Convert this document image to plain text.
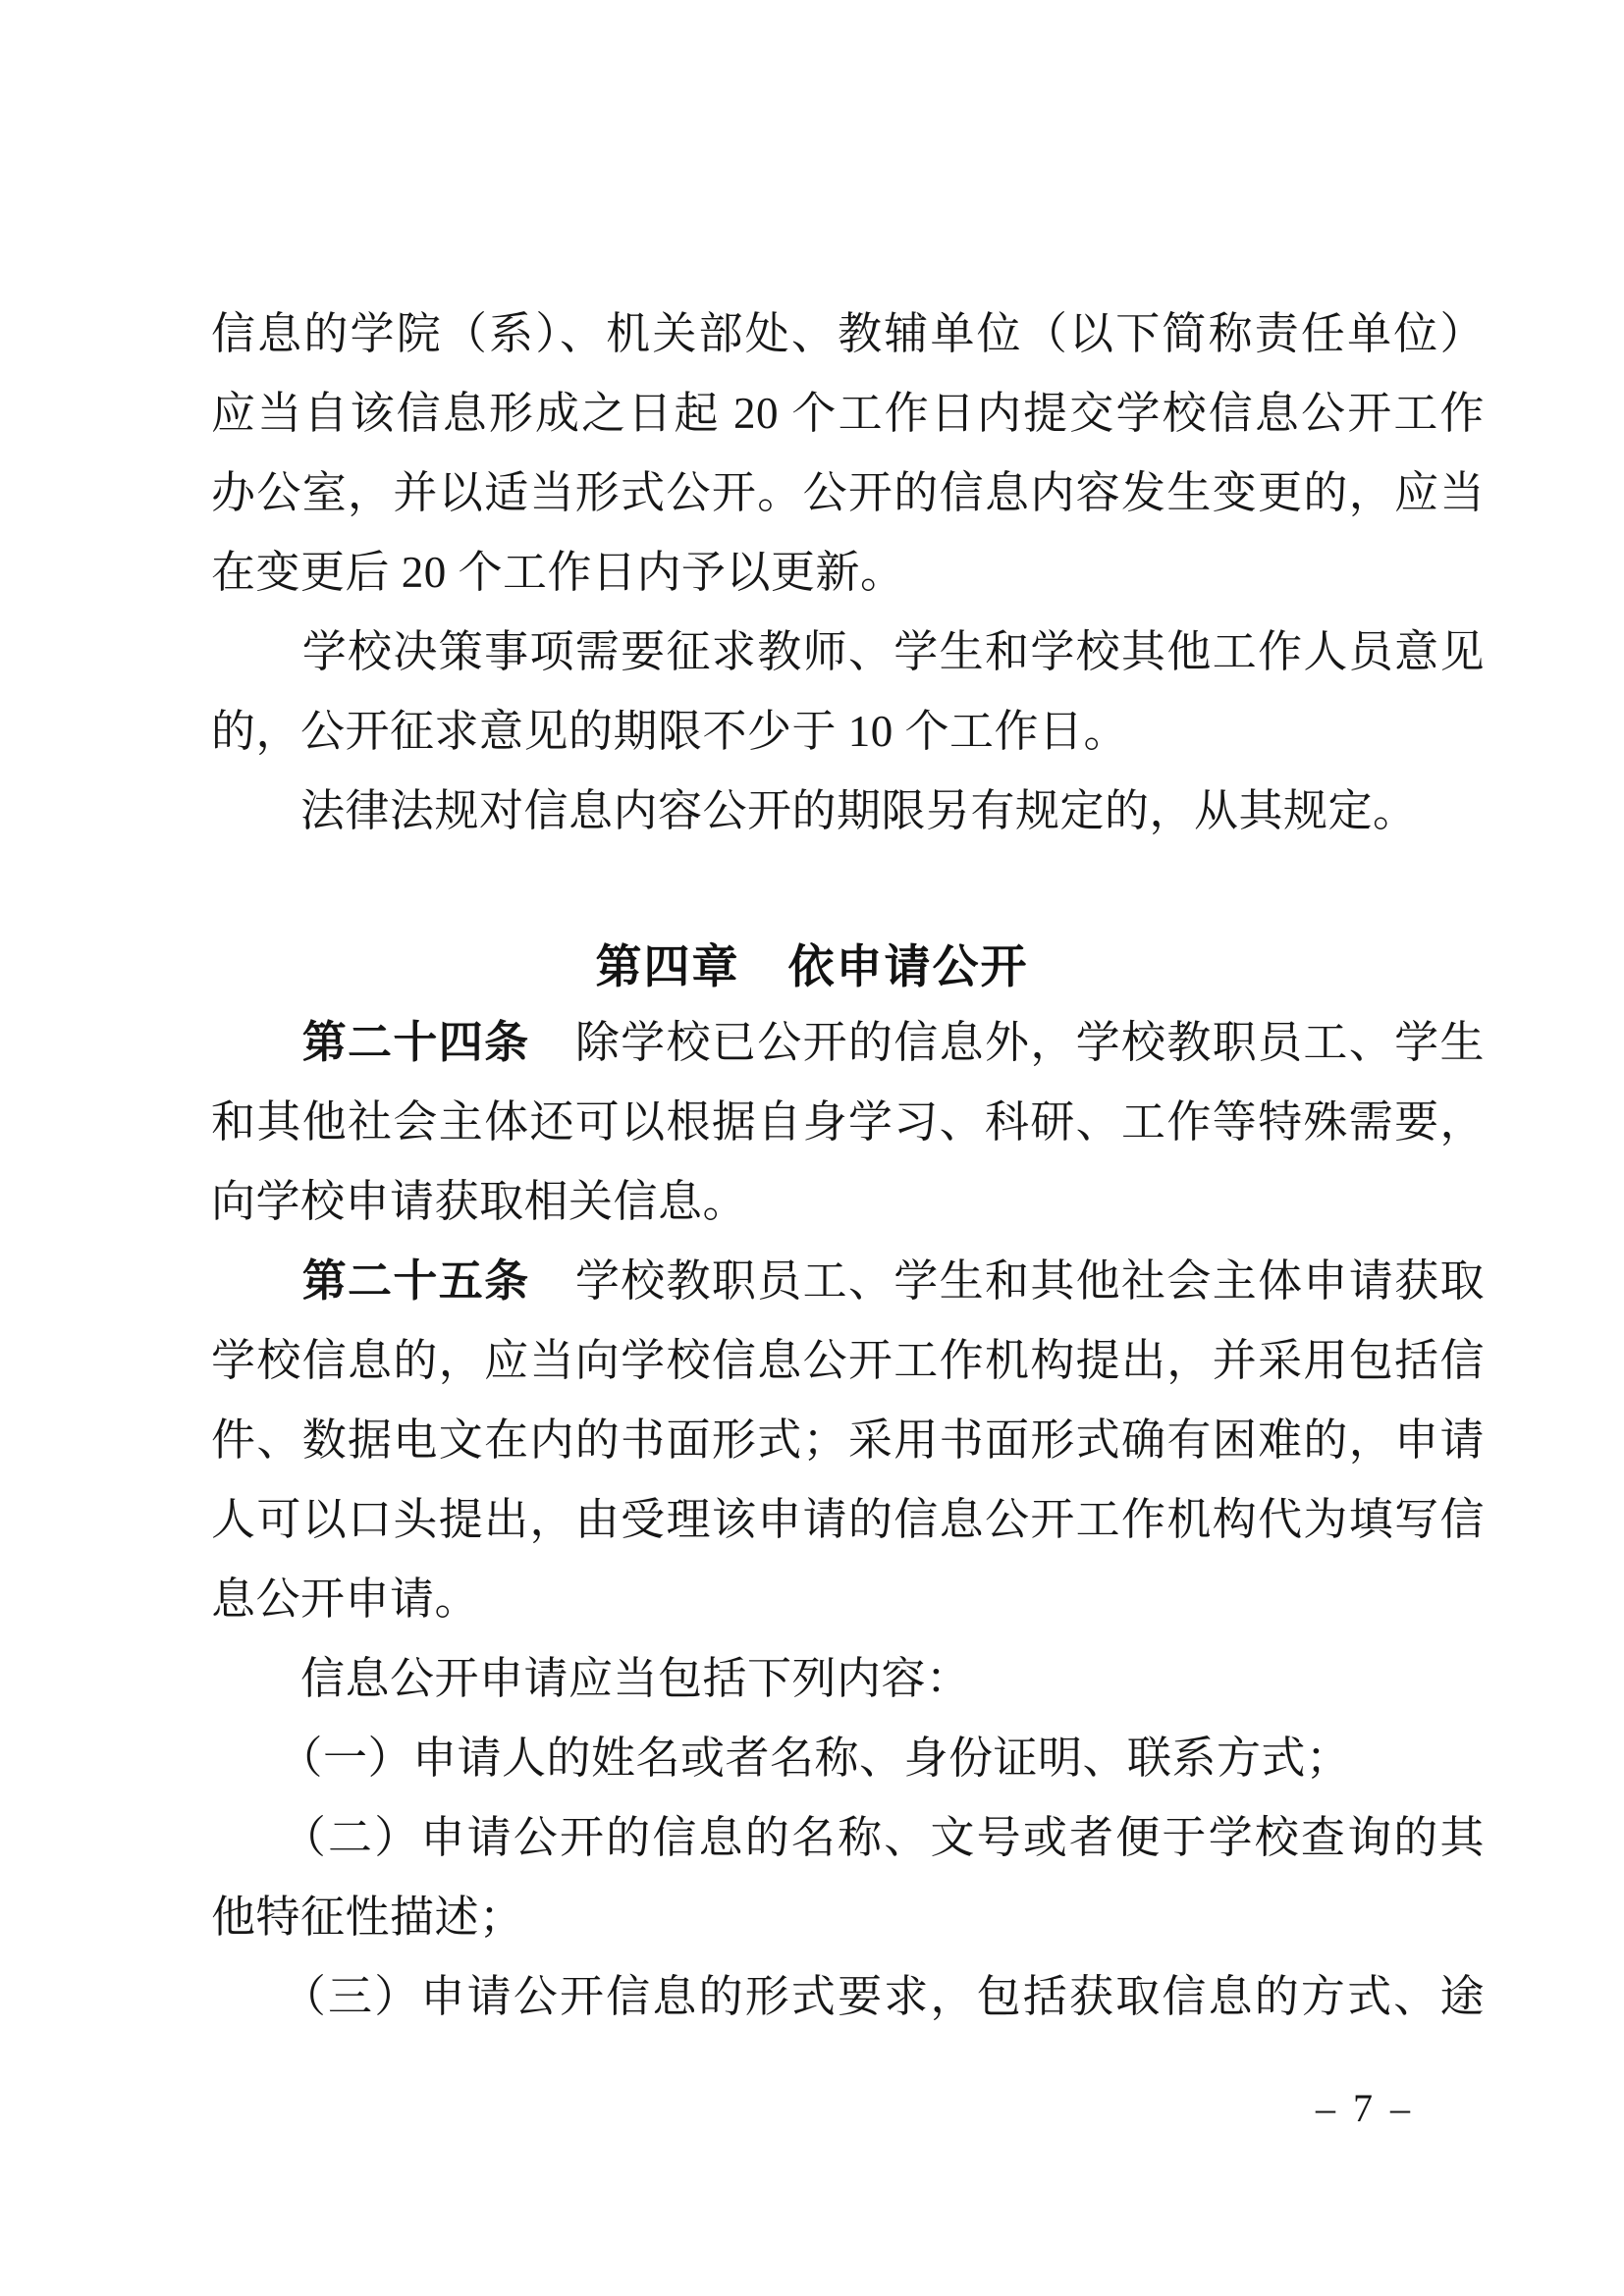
信息的学院（系）、机关部处、教辅单位（以下简称责任单位）
应当自该信息形成之日起 20 个工作日内提交学校信息公开工作
办公室，并以适当形式公开。公开的信息内容发生变更的，应当
在变更后 20 个工作日内予以更新。
　　学校决策事项需要征求教师、学生和学校其他工作人员意见
的，公开征求意见的期限不少于 10 个工作日。
　　法律法规对信息内容公开的期限另有规定的，从其规定。
第四章　依申请公开
　　第二十四条　除学校已公开的信息外，学校教职员工、学生
和其他社会主体还可以根据自身学习、科研、工作等特殊需要，
向学校申请获取相关信息。
　　第二十五条　学校教职员工、学生和其他社会主体申请获取
学校信息的，应当向学校信息公开工作机构提出，并采用包括信
件、数据电文在内的书面形式；采用书面形式确有困难的，申请
人可以口头提出，由受理该申请的信息公开工作机构代为填写信
息公开申请。
　　信息公开申请应当包括下列内容：
　　（一）申请人的姓名或者名称、身份证明、联系方式；
　　（二）申请公开的信息的名称、文号或者便于学校查询的其
他特征性描述；
　　（三）申请公开信息的形式要求，包括获取信息的方式、途
– 7 –
